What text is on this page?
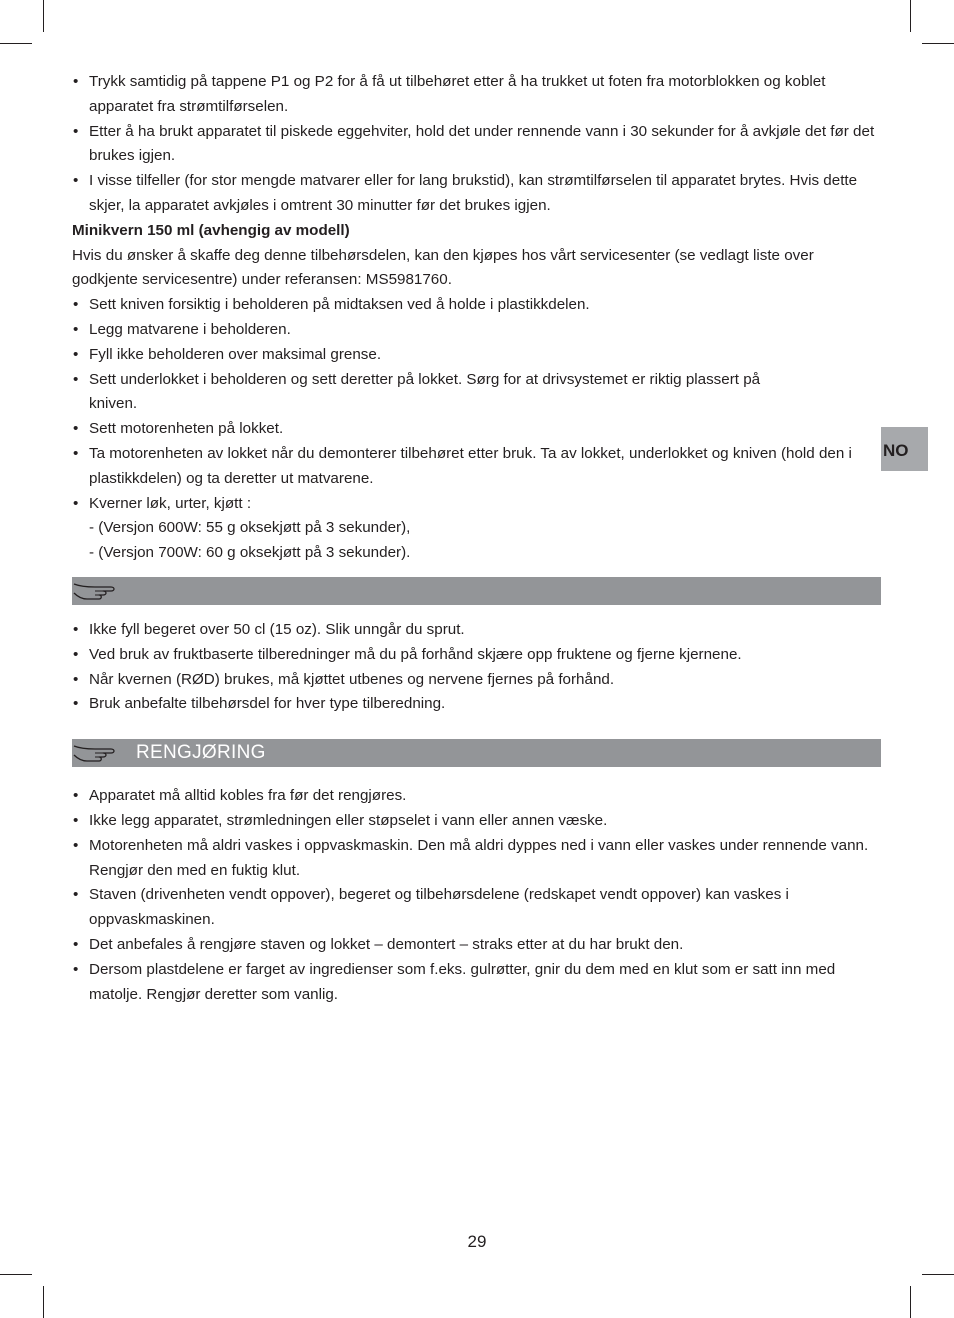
NO
• Trykk samtidig på tappene P1 og P2 for å få ut tilbehøret etter å ha trukket ut foten fra motorblokken og koblet apparatet fra strømtilførselen.
• Etter å ha brukt apparatet til piskede eggehviter, hold det under rennende vann i 30 sekunder for å avkjøle det før det brukes igjen.
• I visse tilfeller (for stor mengde matvarer eller for lang brukstid), kan strømtilførselen til apparatet brytes. Hvis dette skjer, la apparatet avkjøles i omtrent 30 minutter før det brukes igjen.

Minikvern 150 ml (avhengig av modell)

Hvis du ønsker å skaffe deg denne tilbehørsdelen, kan den kjøpes hos vårt servicesenter (se vedlagt liste over godkjente servicesentre) under referansen: MS5981760.

• Sett kniven forsiktig i beholderen på midtaksen ved å holde i plastikkdelen.
• Legg matvarene i beholderen.
• Fyll ikke beholderen over maksimal grense.
• Sett underlokket i beholderen og sett deretter på lokket. Sørg for at drivsystemet er riktig plassert på kniven.
• Sett motorenheten på lokket.
• Ta motorenheten av lokket når du demonterer tilbehøret etter bruk. Ta av lokket, underlokket og kniven (hold den i plastikkdelen) og ta deretter ut matvarene.
• Kverner løk, urter, kjøtt :
- (Versjon 600W: 55 g oksekjøtt på 3 sekunder),
- (Versjon 700W: 60 g oksekjøtt på 3 sekunder).
• Ikke fyll begeret over 50 cl (15 oz). Slik unngår du sprut.
• Ved bruk av fruktbaserte tilberedninger må du på forhånd skjære opp fruktene og fjerne kjernene.
• Når kvernen (RØD) brukes, må kjøttet utbenes og nervene fjernes på forhånd.
• Bruk anbefalte tilbehørsdel for hver type tilberedning.
RENGJØRING
• Apparatet må alltid kobles fra før det rengjøres.
• Ikke legg apparatet, strømledningen eller støpselet i vann eller annen væske.
• Motorenheten må aldri vaskes i oppvaskmaskin. Den må aldri dyppes ned i vann eller vaskes under rennende vann. Rengjør den med en fuktig klut.
• Staven (drivenheten vendt oppover), begeret og tilbehørsdelene (redskapet vendt oppover) kan vaskes i oppvaskmaskinen.
• Det anbefales å rengjøre staven og lokket – demontert – straks etter at du har brukt den.
• Dersom plastdelene er farget av ingredienser som f.eks. gulrøtter, gnir du dem med en klut som er satt inn med matolje. Rengjør deretter som vanlig.
29
